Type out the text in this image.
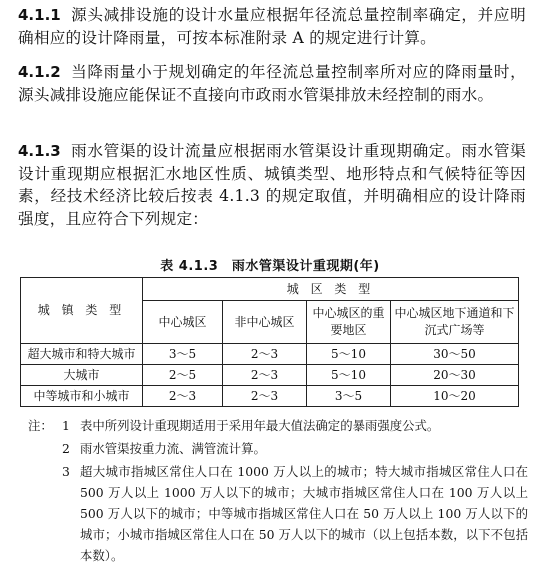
4.1.1 源头减排设施的设计水量应根据年径流总量控制率确定，并应明确相应的设计降雨量，可按本标准附录 A 的规定进行计算。
4.1.2 当降雨量小于规划确定的年径流总量控制率所对应的降雨量时，源头减排设施应能保证不直接向市政雨水管渠排放未经控制的雨水。
4.1.3 雨水管渠的设计流量应根据雨水管渠设计重现期确定。雨水管渠设计重现期应根据汇水地区性质、城镇类型、地形特点和气候特征等因素，经技术经济比较后按表 4.1.3 的规定取值，并明确相应的设计降雨强度，且应符合下列规定：
表 4.1.3　雨水管渠设计重现期(年)
城 镇 类 型	城 区 类 型			
	中心城区	非中心城区	中心城区的重要地区	中心城区地下通道和下沉式广场等
超大城市和特大城市	3～5	2～3	5～10	30～50
大城市	2～5	2～3	5～10	20～30
中等城市和小城市	2～3	2～3	3～5	10～20
注： 1 表中所列设计重现期适用于采用年最大值法确定的暴雨强度公式。
2 雨水管渠按重力流、满管流计算。
3 超大城市指城区常住人口在 1000 万人以上的城市；特大城市指城区常住人口在 500 万人以上 1000 万人以下的城市；大城市指城区常住人口在 100 万人以上 500 万人以下的城市；中等城市指城区常住人口在 50 万人以上 100 万人以下的城市；小城市指城区常住人口在 50 万人以下的城市（以上包括本数，以下不包括本数）。
